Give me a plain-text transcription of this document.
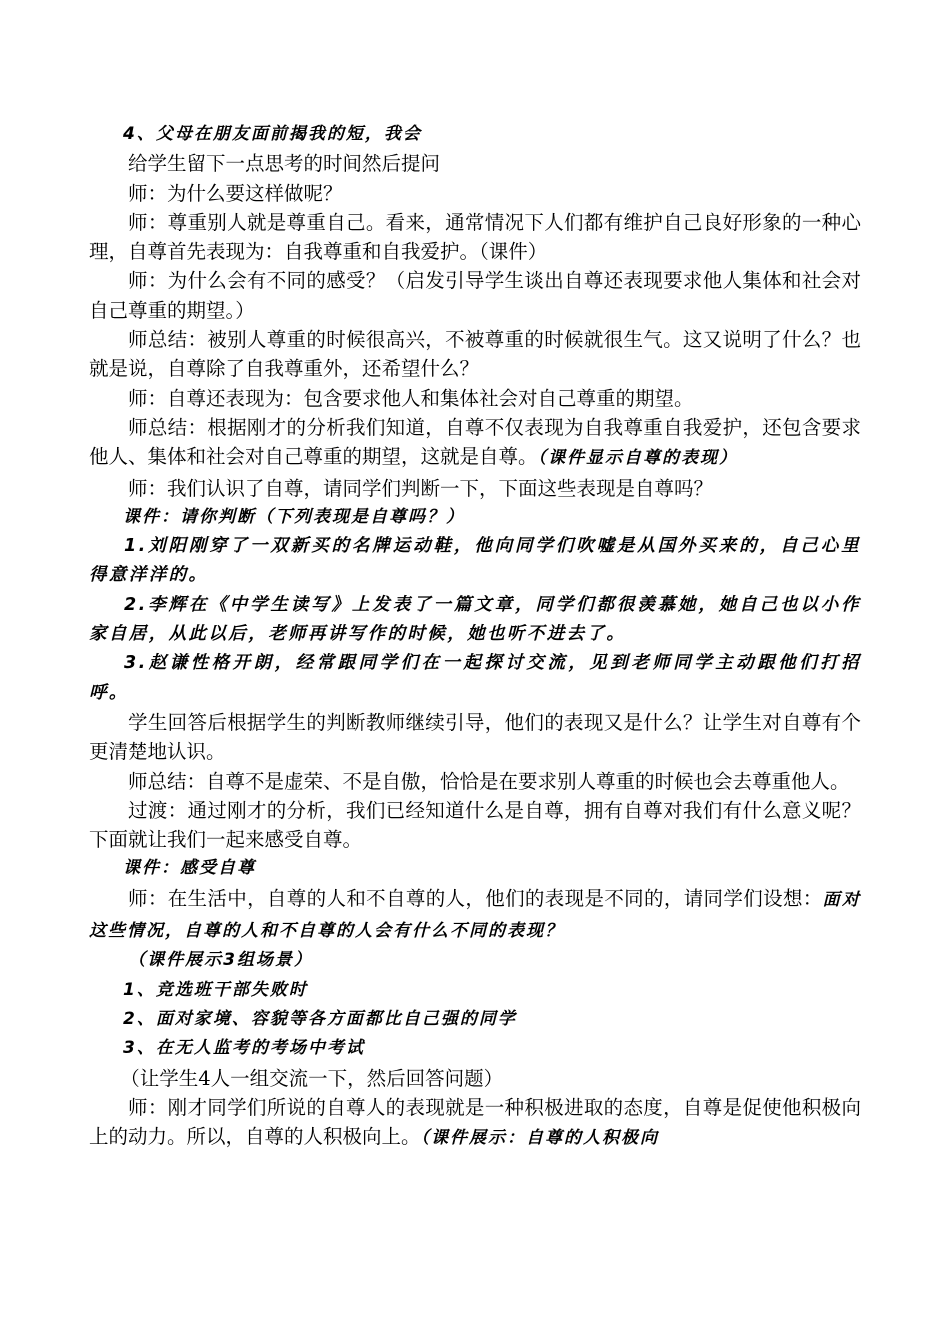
4、父母在朋友面前揭我的短，我会

给学生留下一点思考的时间然后提问

师：为什么要这样做呢？

师：尊重别人就是尊重自己。看来，通常情况下人们都有维护自己良好形象的一种心理，自尊首先表现为：自我尊重和自我爱护。（课件）

师：为什么会有不同的感受？（启发引导学生谈出自尊还表现要求他人集体和社会对自己尊重的期望。）

师总结：被别人尊重的时候很高兴，不被尊重的时候就很生气。这又说明了什么？也就是说，自尊除了自我尊重外，还希望什么？

师：自尊还表现为：包含要求他人和集体社会对自己尊重的期望。

师总结：根据刚才的分析我们知道，自尊不仅表现为自我尊重自我爱护，还包含要求他人、集体和社会对自己尊重的期望，这就是自尊。（课件显示自尊的表现）

师：我们认识了自尊，请同学们判断一下，下面这些表现是自尊吗？

课件：请你判断（下列表现是自尊吗？）

1.刘阳刚穿了一双新买的名牌运动鞋，他向同学们吹嘘是从国外买来的，自己心里得意洋洋的。

2.李辉在《中学生读写》上发表了一篇文章，同学们都很羡慕她，她自己也以小作家自居，从此以后，老师再讲写作的时候，她也听不进去了。

3.赵谦性格开朗，经常跟同学们在一起探讨交流，见到老师同学主动跟他们打招呼。

学生回答后根据学生的判断教师继续引导，他们的表现又是什么？让学生对自尊有个更清楚地认识。

师总结：自尊不是虚荣、不是自傲，恰恰是在要求别人尊重的时候也会去尊重他人。

过渡：通过刚才的分析，我们已经知道什么是自尊，拥有自尊对我们有什么意义呢？下面就让我们一起来感受自尊。

课件：感受自尊

师：在生活中，自尊的人和不自尊的人，他们的表现是不同的，请同学们设想：面对这些情况，自尊的人和不自尊的人会有什么不同的表现？

（课件展示3组场景）

1、竞选班干部失败时

2、面对家境、容貌等各方面都比自己强的同学

3、在无人监考的考场中考试

（让学生4人一组交流一下，然后回答问题）

师：刚才同学们所说的自尊人的表现就是一种积极进取的态度，自尊是促使他积极向上的动力。所以，自尊的人积极向上。（课件展示：自尊的人积极向
